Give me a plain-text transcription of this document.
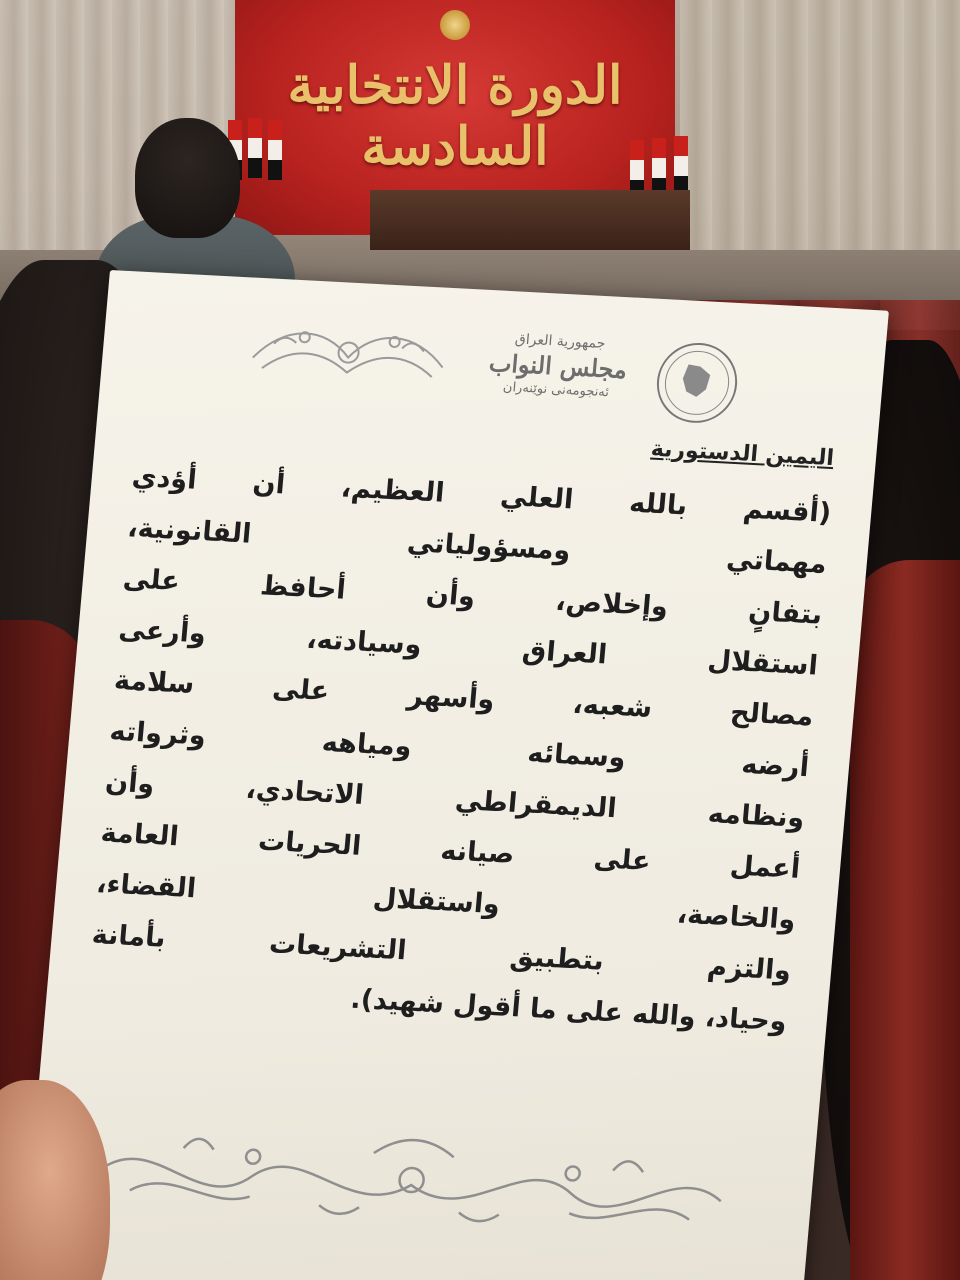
الدورة الانتخابية السادسة
جمهورية العراق
مجلس النواب
ئەنجومەنی نوێنەران
اليمين الدستورية
(أقسم بالله العلي العظيم، أن أؤدي
مهماتي ومسؤولياتي القانونية،
بتفانٍ وإخلاص، وأن أحافظ على
استقلال العراق وسيادته، وأرعى
مصالح شعبه، وأسهر على سلامة
أرضه وسمائه ومياهه وثرواته
ونظامه الديمقراطي الاتحادي، وأن
أعمل على صيانه الحريات العامة
والخاصة، واستقلال القضاء،
والتزم بتطبيق التشريعات بأمانة
وحياد، والله على ما أقول شهيد).
